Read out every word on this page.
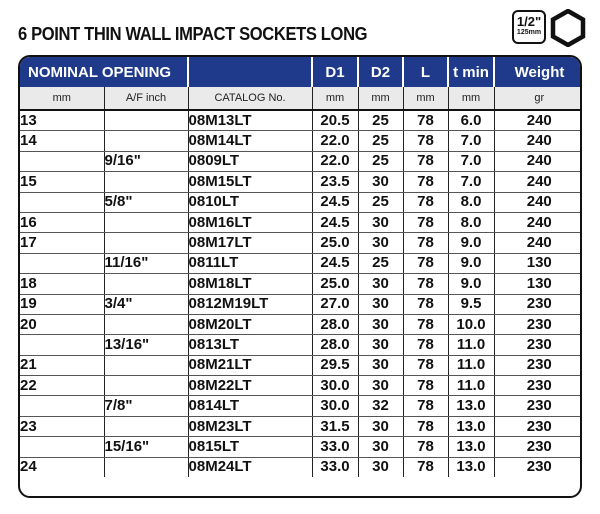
6 POINT THIN WALL IMPACT SOCKETS LONG
1/2"
125mm
NOMINAL OPENING			D1	D2	L	t min	Weight
mm	A/F inch	CATALOG No.	mm	mm	mm	mm	gr
13		08M13LT	20.5	25	78	6.0	240
14		08M14LT	22.0	25	78	7.0	240
	9/16"	0809LT	22.0	25	78	7.0	240
15		08M15LT	23.5	30	78	7.0	240
	5/8"	0810LT	24.5	25	78	8.0	240
16		08M16LT	24.5	30	78	8.0	240
17		08M17LT	25.0	30	78	9.0	240
	11/16"	0811LT	24.5	25	78	9.0	130
18		08M18LT	25.0	30	78	9.0	130
19	3/4"	0812M19LT	27.0	30	78	9.5	230
20		08M20LT	28.0	30	78	10.0	230
	13/16"	0813LT	28.0	30	78	11.0	230
21		08M21LT	29.5	30	78	11.0	230
22		08M22LT	30.0	30	78	11.0	230
	7/8"	0814LT	30.0	32	78	13.0	230
23		08M23LT	31.5	30	78	13.0	230
	15/16"	0815LT	33.0	30	78	13.0	230
24		08M24LT	33.0	30	78	13.0	230
